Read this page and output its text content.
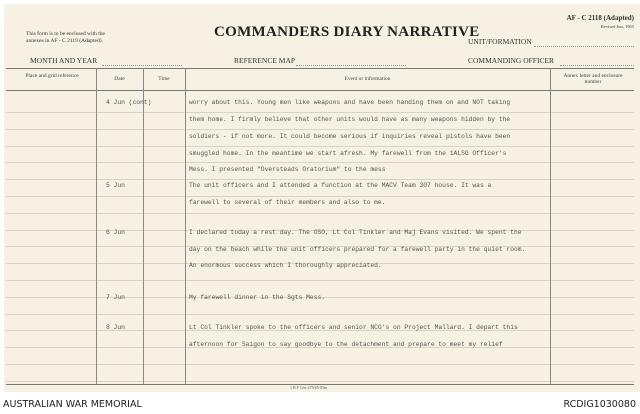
This form is to be enclosed with the
annexes in AF - C 2119 (Adapted).
COMMANDERS DIARY NARRATIVE
AF - C 2118 (Adapted)
Revised Jun, 1965
UNIT/FORMATION
MONTH AND YEAR	REFERENCE MAP	COMMANDING OFFICER
Place and grid reference	Date	Time	Event or information	Annex letter and enclosure number
4 Jun (cont)	worry about this. Young men like weapons and have been handing them on and NOT taking
them home. I firmly believe that other units would have as many weapons hidden by the
soldiers - if not more. It could become serious if inquiries reveal pistols have been
smuggled home. In the meantime we start afresh. My farewell from the 1ALSG Officer's
Mess. I presented "Oversteads Oratorium" to the mess
5 Jun	The unit officers and I attended a function at the MACV Team 307 house. It was a
farewell to several of their members and also to me.
6 Jun	I declared today a rest day. The OSO, Lt Col Tinkler and Maj Evans visited. We spent the
day on the beach while the unit officers prepared for a farewell party in the quiet room.
An enormous success which I thoroughly appreciated.
7 Jun	My farewell dinner in the Sgts Mess.
8 Jun	Lt Col Tinkler spoke to the officers and senior NCO's on Project Mallard. I depart this
afternoon for Saigon to say goodbye to the detachment and prepare to meet my relief
1 B F Cen-275/65-85m
AUSTRALIAN WAR MEMORIAL	RCDIG1030080
